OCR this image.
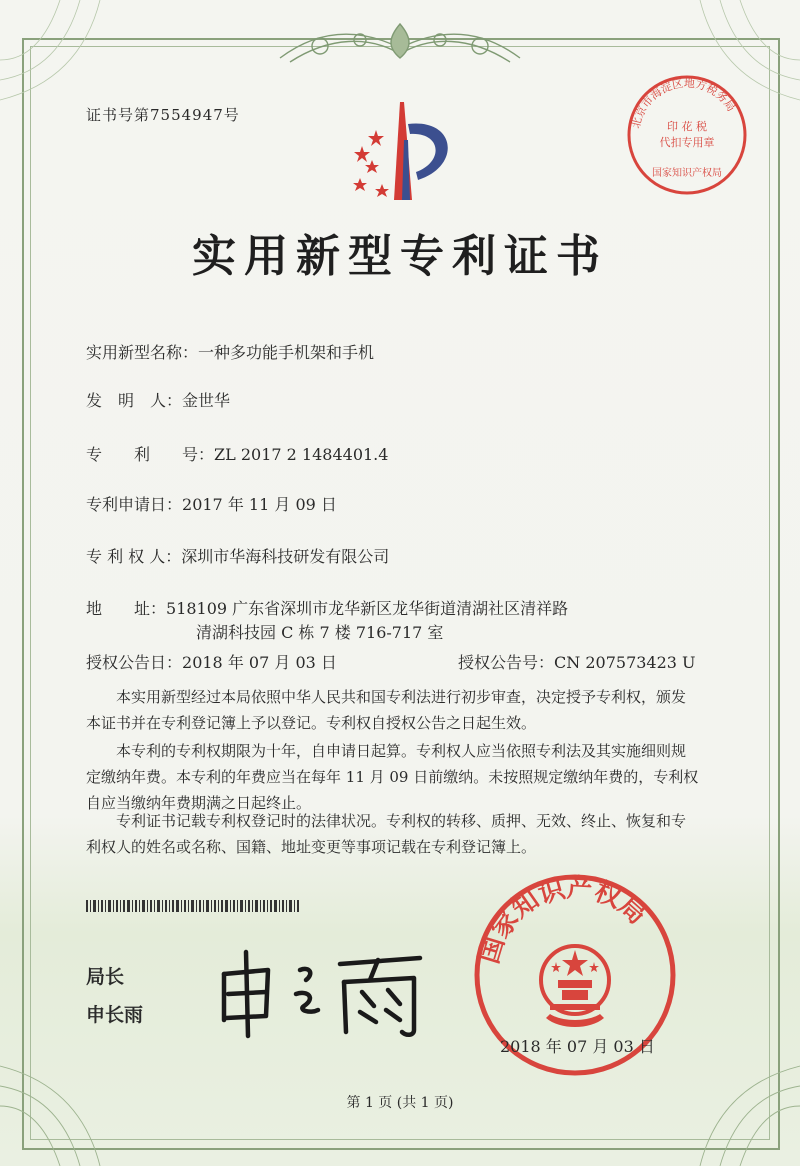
证书号第7554947号	北京市海淀区地方税务局
印 花 税
代扣专用章
国家知识产权局
实用新型专利证书
实用新型名称：一种多功能手机架和手机
发　明　人：金世华
专　　利　　号：ZL 2017 2 1484401.4
专利申请日：2017 年 11 月 09 日
专 利 权 人：深圳市华海科技研发有限公司
地　　址：518109 广东省深圳市龙华新区龙华街道清湖社区清祥路
清湖科技园 C 栋 7 楼 716-717 室
授权公告日：2018 年 07 月 03 日	授权公告号：CN 207573423 U
　　本实用新型经过本局依照中华人民共和国专利法进行初步审查，决定授予专利权，颁发
本证书并在专利登记簿上予以登记。专利权自授权公告之日起生效。
　　本专利的专利权期限为十年，自申请日起算。专利权人应当依照专利法及其实施细则规
定缴纳年费。本专利的年费应当在每年 11 月 09 日前缴纳。未按照规定缴纳年费的，专利权
自应当缴纳年费期满之日起终止。
　　专利证书记载专利权登记时的法律状况。专利权的转移、质押、无效、终止、恢复和专
利权人的姓名或名称、国籍、地址变更等事项记载在专利登记簿上。
局长
申长雨
国家知识产权局
2018 年 07 月 03 日
第 1 页 (共 1 页)
